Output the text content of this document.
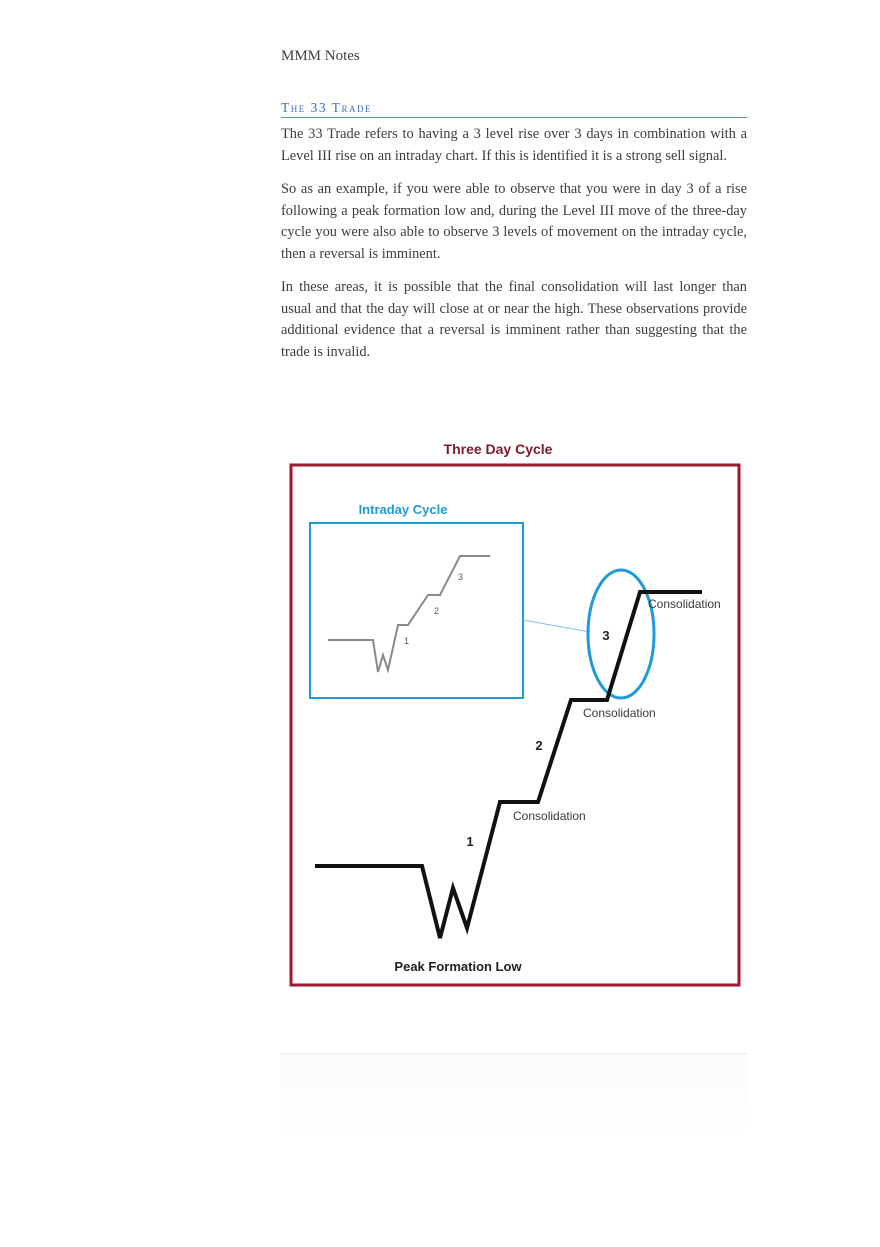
MMM Notes
The 33 Trade

The 33 Trade refers to having a 3 level rise over 3 days in combination with a Level III rise on an intraday chart. If this is identified it is a strong sell signal.

So as an example, if you were able to observe that you were in day 3 of a rise following a peak formation low and, during the Level III move of the three-day cycle you were also able to observe 3 levels of movement on the intraday cycle, then a reversal is imminent.

In these areas, it is possible that the final consolidation will last longer than usual and that the day will close at or near the high. These observations provide additional evidence that a reversal is imminent rather than suggesting that the trade is invalid.

Three Day Cycle
Intraday Cycle
1
2
3
1
2
3
Consolidation
Consolidation
Consolidation
Peak Formation Low
